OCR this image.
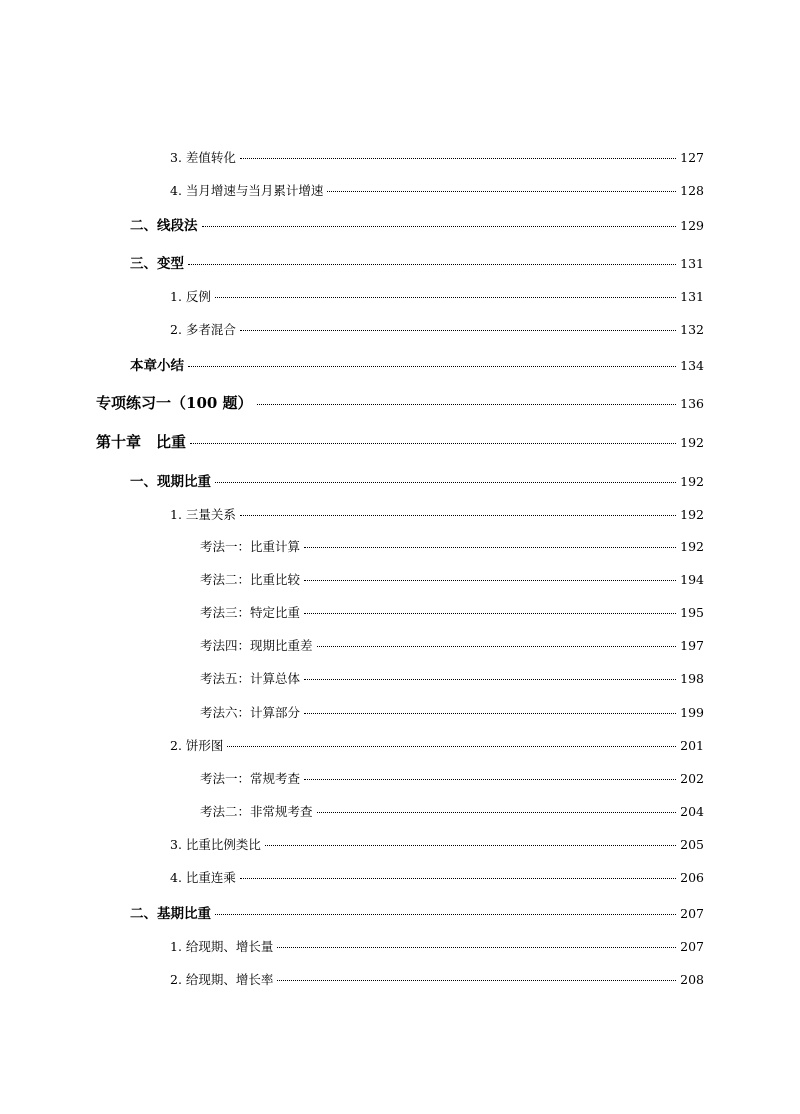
3. 差值转化	127
4. 当月增速与当月累计增速	128
二、线段法	129
三、变型	131
1. 反例	131
2. 多者混合	132
本章小结	134
专项练习一（100 题）	136
第十章　比重	192
一、现期比重	192
1. 三量关系	192
考法一：比重计算	192
考法二：比重比较	194
考法三：特定比重	195
考法四：现期比重差	197
考法五：计算总体	198
考法六：计算部分	199
2. 饼形图	201
考法一：常规考查	202
考法二：非常规考查	204
3. 比重比例类比	205
4. 比重连乘	206
二、基期比重	207
1. 给现期、增长量	207
2. 给现期、增长率	208
